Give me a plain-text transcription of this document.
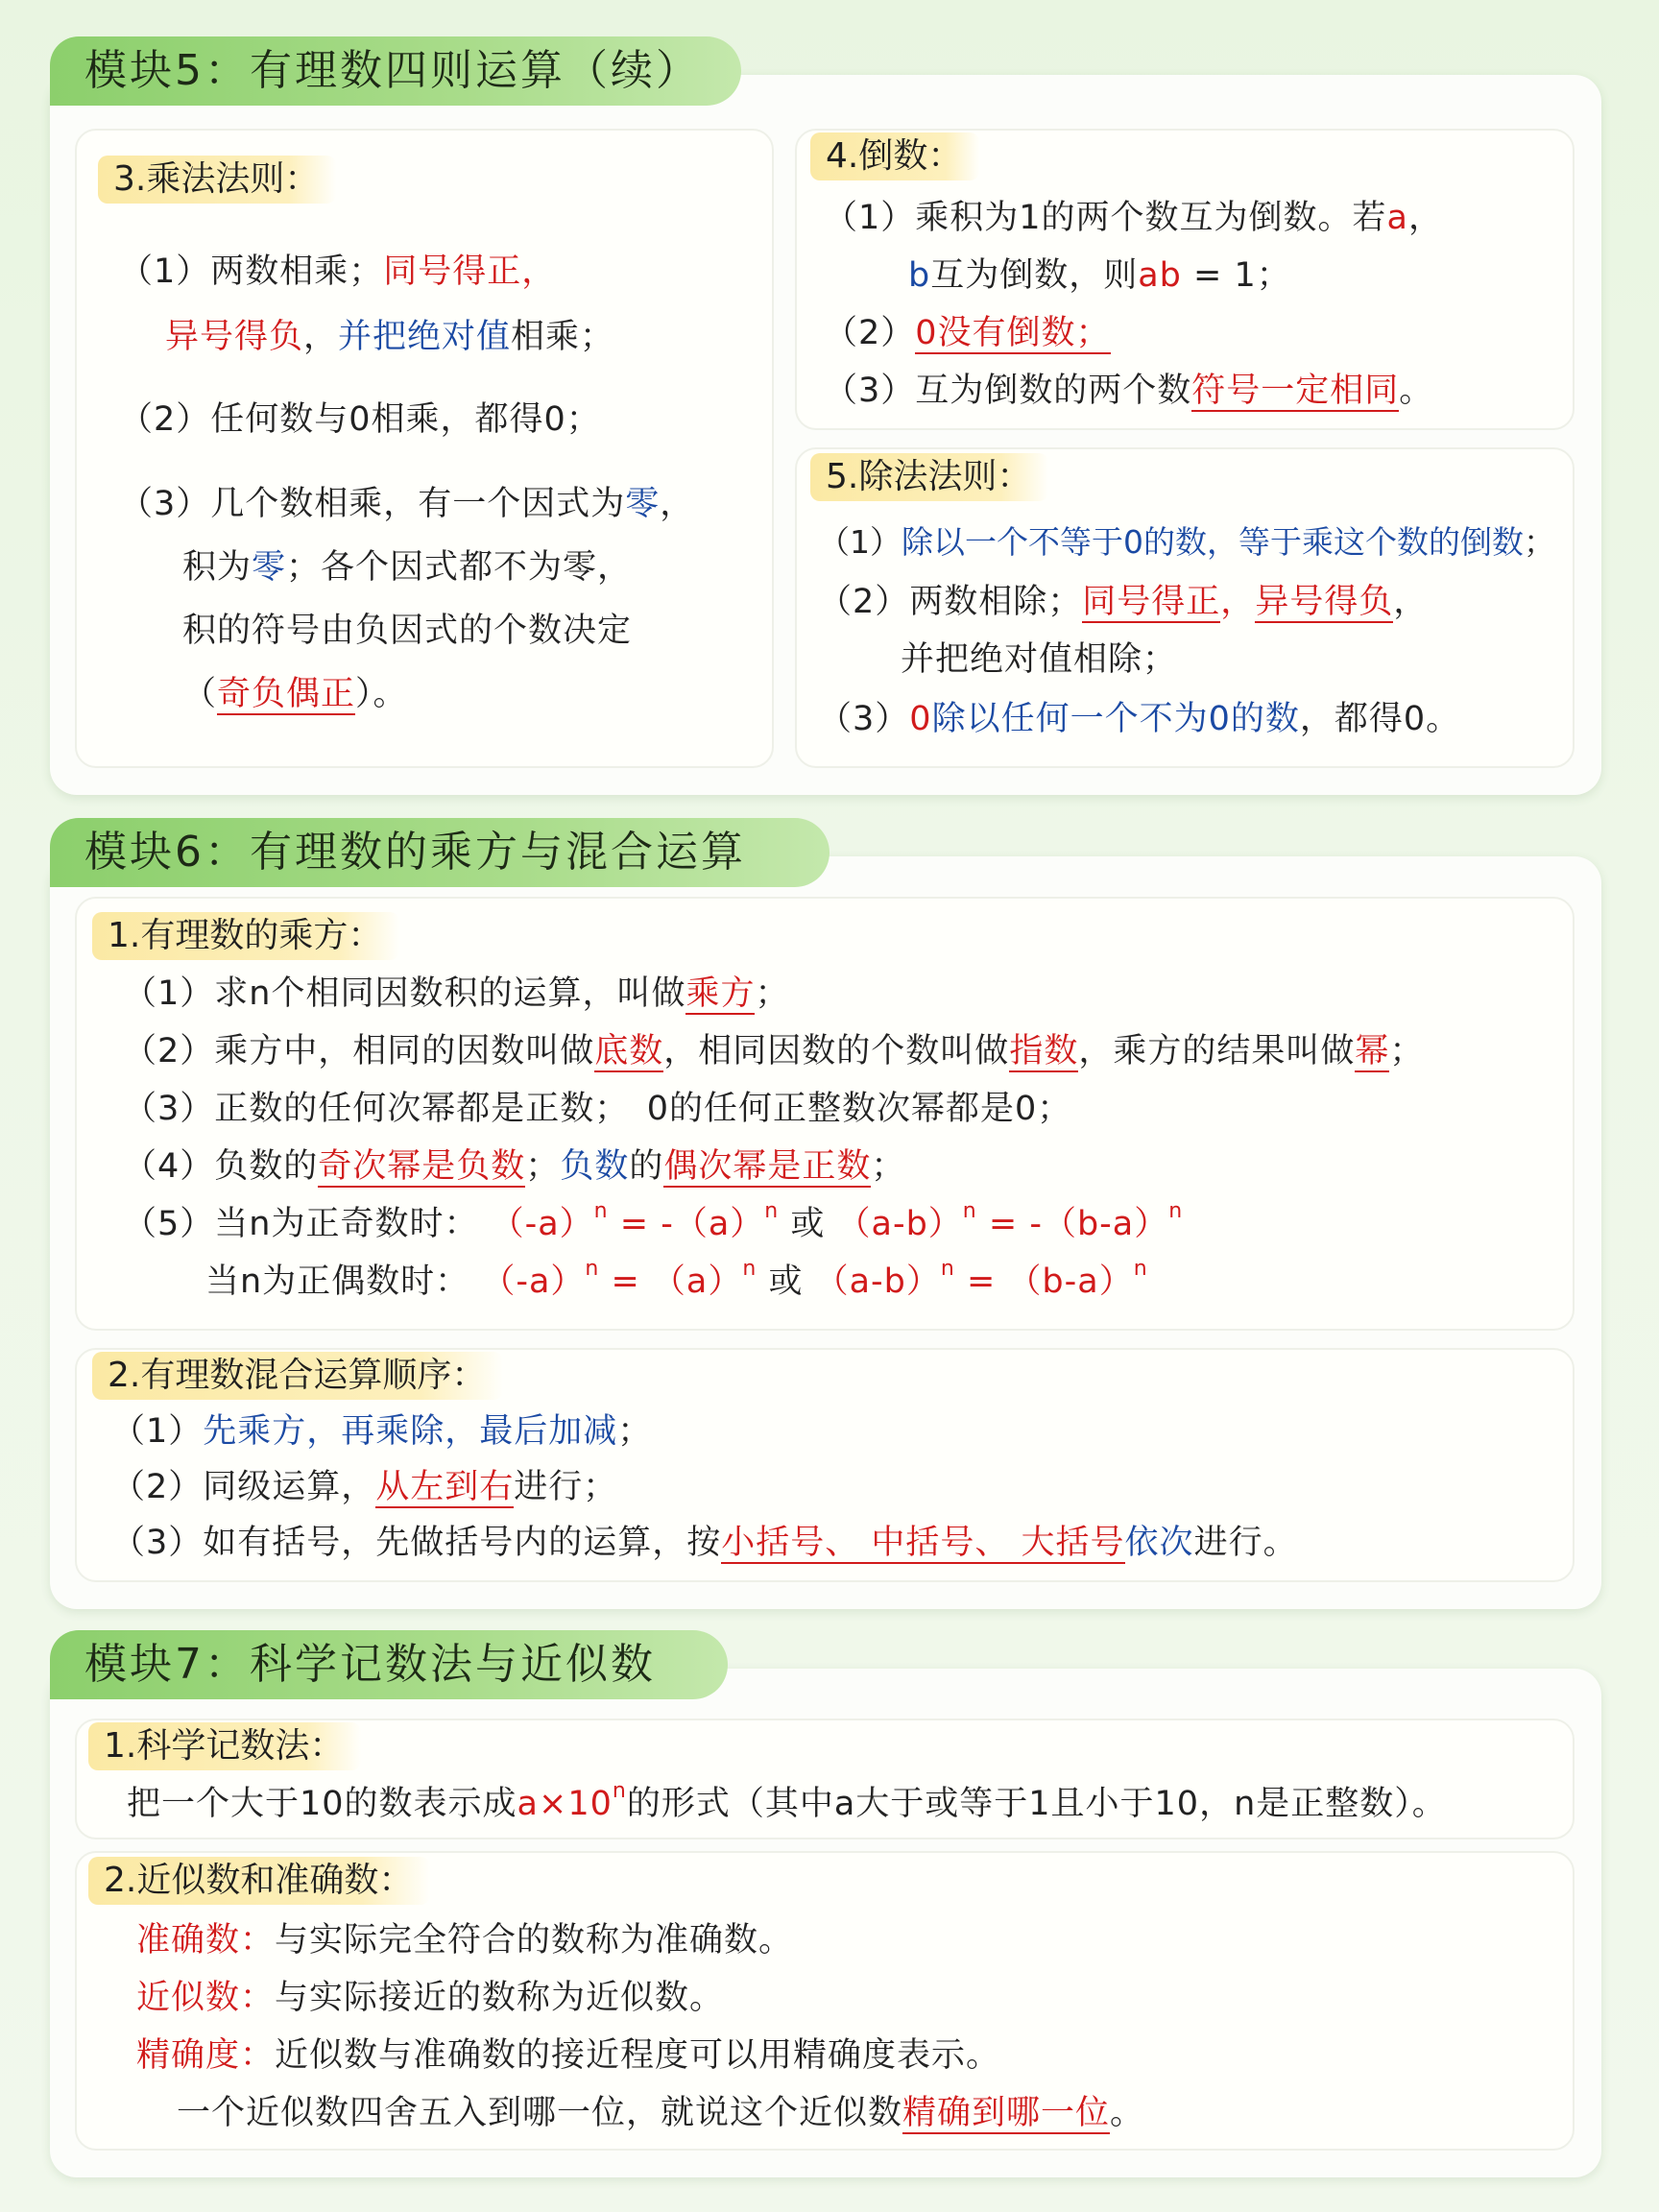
模块5：有理数四则运算（续）
3.乘法法则：
（1）两数相乘；同号得正，
异号得负，并把绝对值相乘；
（2）任何数与0相乘，都得0；
（3）几个数相乘，有一个因式为零，
积为零；各个因式都不为零，
积的符号由负因式的个数决定
（奇负偶正）。
4.倒数：
（1）乘积为1的两个数互为倒数。若a，
b互为倒数，则ab = 1；
（2）0没有倒数；
（3）互为倒数的两个数符号一定相同。
5.除法法则：
（1）除以一个不等于0的数，等于乘这个数的倒数；
（2）两数相除；同号得正，异号得负，
并把绝对值相除；
（3）0除以任何一个不为0的数，都得0。
模块6：有理数的乘方与混合运算
1.有理数的乘方：
（1）求n个相同因数积的运算，叫做乘方；
（2）乘方中，相同的因数叫做底数，相同因数的个数叫做指数，乘方的结果叫做幂；
（3）正数的任何次幂都是正数；　0的任何正整数次幂都是0；
（4）负数的奇次幂是负数；负数的偶次幂是正数；
（5）当n为正奇数时： $(-a)^n = -(a)^n$ 或 $(a-b)^n = -(b-a)^n$
当n为正偶数时： $(-a)^n = (a)^n$ 或 $(a-b)^n = (b-a)^n$
2.有理数混合运算顺序：
（1）先乘方，再乘除，最后加减；
（2）同级运算，从左到右进行；
（3）如有括号，先做括号内的运算，按小括号、 中括号、 大括号依次进行。
模块7：科学记数法与近似数
1.科学记数法：
把一个大于10的数表示成$a\times 10^n$的形式（其中a大于或等于1且小于10，n是正整数）。
2.近似数和准确数：
准确数：与实际完全符合的数称为准确数。
近似数：与实际接近的数称为近似数。
精确度：近似数与准确数的接近程度可以用精确度表示。
一个近似数四舍五入到哪一位，就说这个近似数精确到哪一位。
